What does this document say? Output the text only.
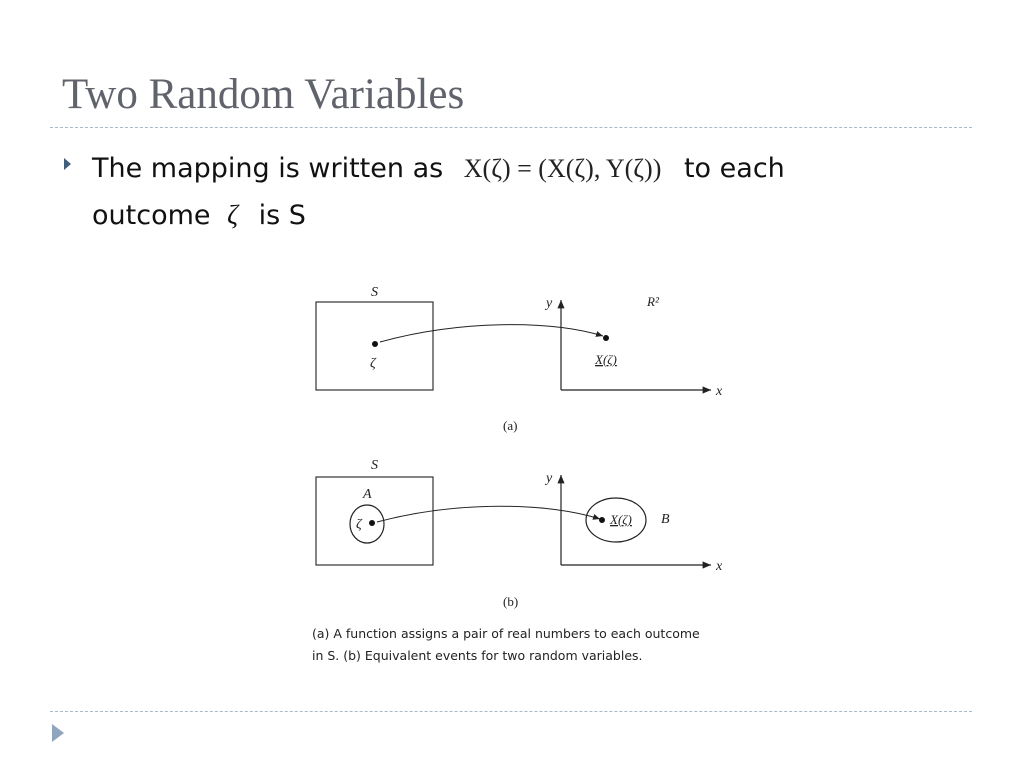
Two Random Variables
The mapping is written as X(ζ) = (X(ζ), Y(ζ)) to each
outcome ζ is S
S
ζ
y
x
R²
X(ζ)
(a)
S
A
ζ
y
x
X(ζ) B
(b)
(a) A function assigns a pair of real numbers to each outcome
in S. (b) Equivalent events for two random variables.
